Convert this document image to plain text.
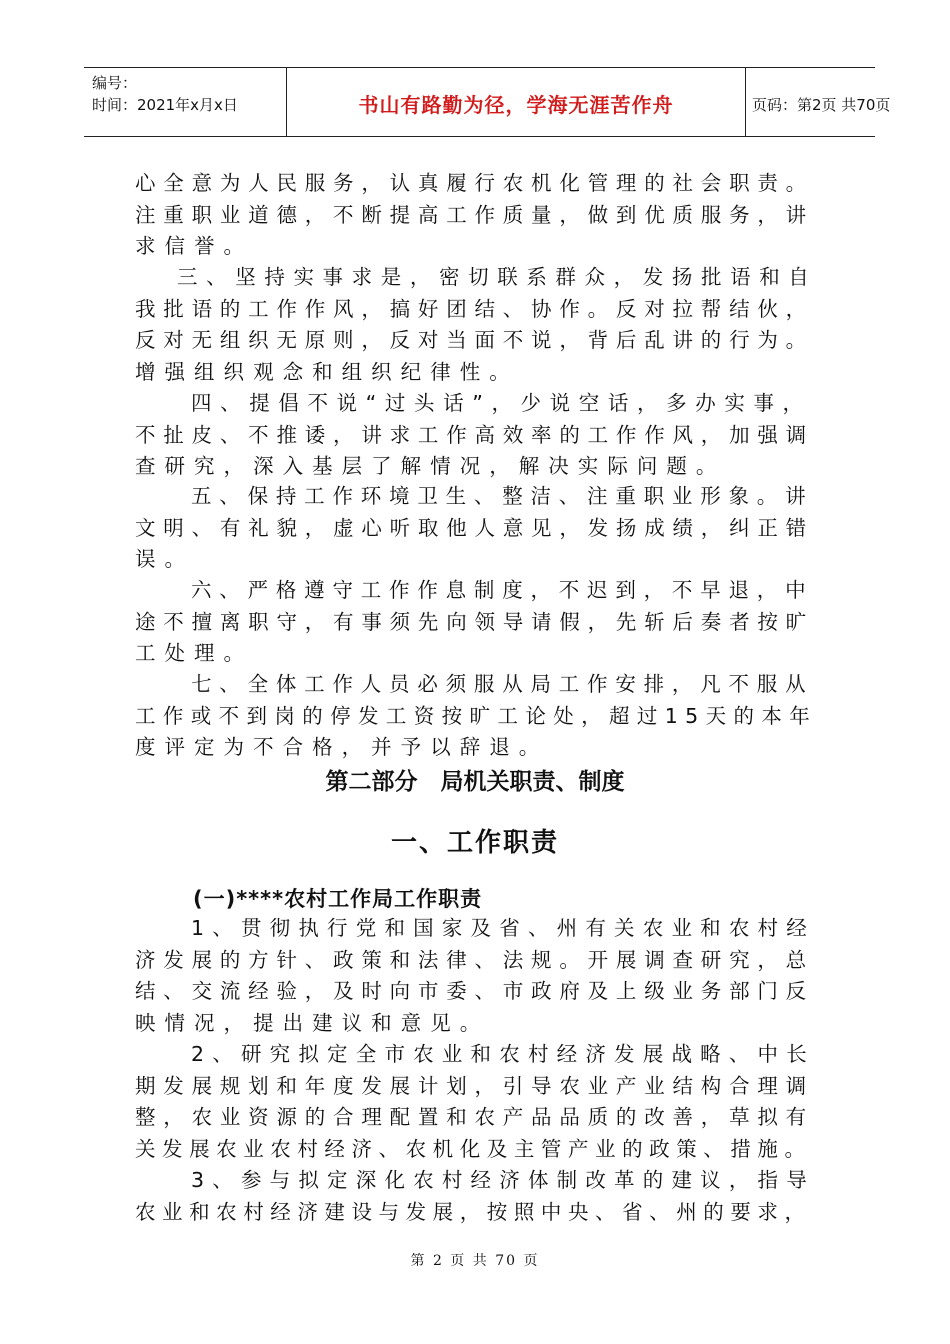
编号：
时间：2021年x月x日	书山有路勤为径，学海无涯苦作舟	页码：第2页 共70页
心全意为人民服务，认真履行农机化管理的社会职责。
注重职业道德，不断提高工作质量，做到优质服务，讲
求信誉。
三、坚持实事求是，密切联系群众，发扬批语和自
我批语的工作作风，搞好团结、协作。反对拉帮结伙，
反对无组织无原则，反对当面不说，背后乱讲的行为。
增强组织观念和组织纪律性。
四、提倡不说“过头话”，少说空话，多办实事，
不扯皮、不推诿，讲求工作高效率的工作作风，加强调
查研究，深入基层了解情况，解决实际问题。
五、保持工作环境卫生、整洁、注重职业形象。讲
文明、有礼貌，虚心听取他人意见，发扬成绩，纠正错
误。
六、严格遵守工作作息制度，不迟到，不早退，中
途不擅离职守，有事须先向领导请假，先斩后奏者按旷
工处理。
七、全体工作人员必须服从局工作安排，凡不服从
工作或不到岗的停发工资按旷工论处，超过15天的本年
度评定为不合格，并予以辞退。
第二部分　局机关职责、制度
一、工作职责
(一)****农村工作局工作职责
1、贯彻执行党和国家及省、州有关农业和农村经
济发展的方针、政策和法律、法规。开展调查研究，总
结、交流经验，及时向市委、市政府及上级业务部门反
映情况，提出建议和意见。
2、研究拟定全市农业和农村经济发展战略、中长
期发展规划和年度发展计划，引导农业产业结构合理调
整，农业资源的合理配置和农产品品质的改善，草拟有
关发展农业农村经济、农机化及主管产业的政策、措施。
3、参与拟定深化农村经济体制改革的建议，指导
农业和农村经济建设与发展，按照中央、省、州的要求，
第 2 页 共 70 页
